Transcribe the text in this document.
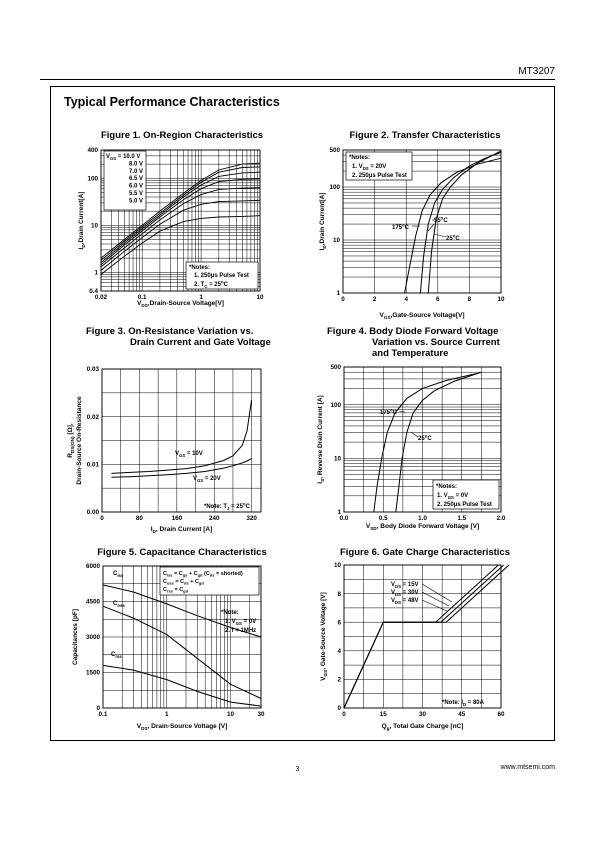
MT3207
Typical Performance Characteristics
Figure 1. On-Region Characteristics
0.02	0.1	1	10
400
100
10
1
0.4
$V_{DS},Drain$-Source Voltage[V]
$I_D,Drain$ Current[A]
$V_{GS} = 10.0$ V
8.0 V
7.0 V
6.5 V
6.0 V
5.5 V
5.0 V
*Notes:
1. 250μs Pulse Test
2. $T_C = 25^oC$
Figure 2. Transfer Characteristics
0	2	4	6	8	10
500
100
10
1
$V_{GS},Gate$-Source Voltage[V]
$I_D,Drain$ Current[A]
*Notes:
1. $V_{DS} = 20V$
2. 250μs Pulse Test
175$^o$C
-55$^o$C
25$^o$C
Figure 3. On-Resistance Variation vs.
Drain Current and Gate Voltage
0	80	160	240	320
0.03
0.02
0.01
0.00
$I_D$, Drain Current [A]
$R_{DS(ON)}$ [Ω], Drain-Source On-Resistance	$V_{GS} = 10V$
$V_{GS} = 20V$
*Note: $T_J = 25^oC$
Figure 4. Body Diode Forward Voltage
Variation vs. Source Current
and Temperature
0.0	0.5	1.0	1.5	2.0
500
100
10
1
$V_{SD}$, Body Diode Forward Voltage [V]
$I_S$, Reverse Drain Current [A]	175$^o$C
25$^o$C
*Notes:
1. $V_{GS} = 0V$
2. 250μs Pulse Test
Figure 5. Capacitance Characteristics
0.1	1	10	30
6000
4500
3000
1500
0
$V_{DS}$, Drain-Source Voltage [V]
Capacitances [pF]
$C_{iss} = C_{gs} + C_{gd}$ ($C_{ds}$ = shorted)
$C_{oss} = C_{ds} + C_{gd}$
$C_{rss} = C_{gd}$
$C_{iss}$
$C_{oss}$
$C_{rss}$
*Note:
1. $V_{GS} = 0V$
2. f = 1MHz
Figure 6. Gate Charge Characteristics
0	15	30	45	60
10
8
6
4
2
0
$Q_g$, Total Gate Charge [nC]
$V_{GS}$, Gate-Source Voltage [V]
$V_{DS} = 15V$
$V_{DS} = 30V$
$V_{DS} = 48V$
*Note: $I_D = 80A$
3	www.mtsemi.com
